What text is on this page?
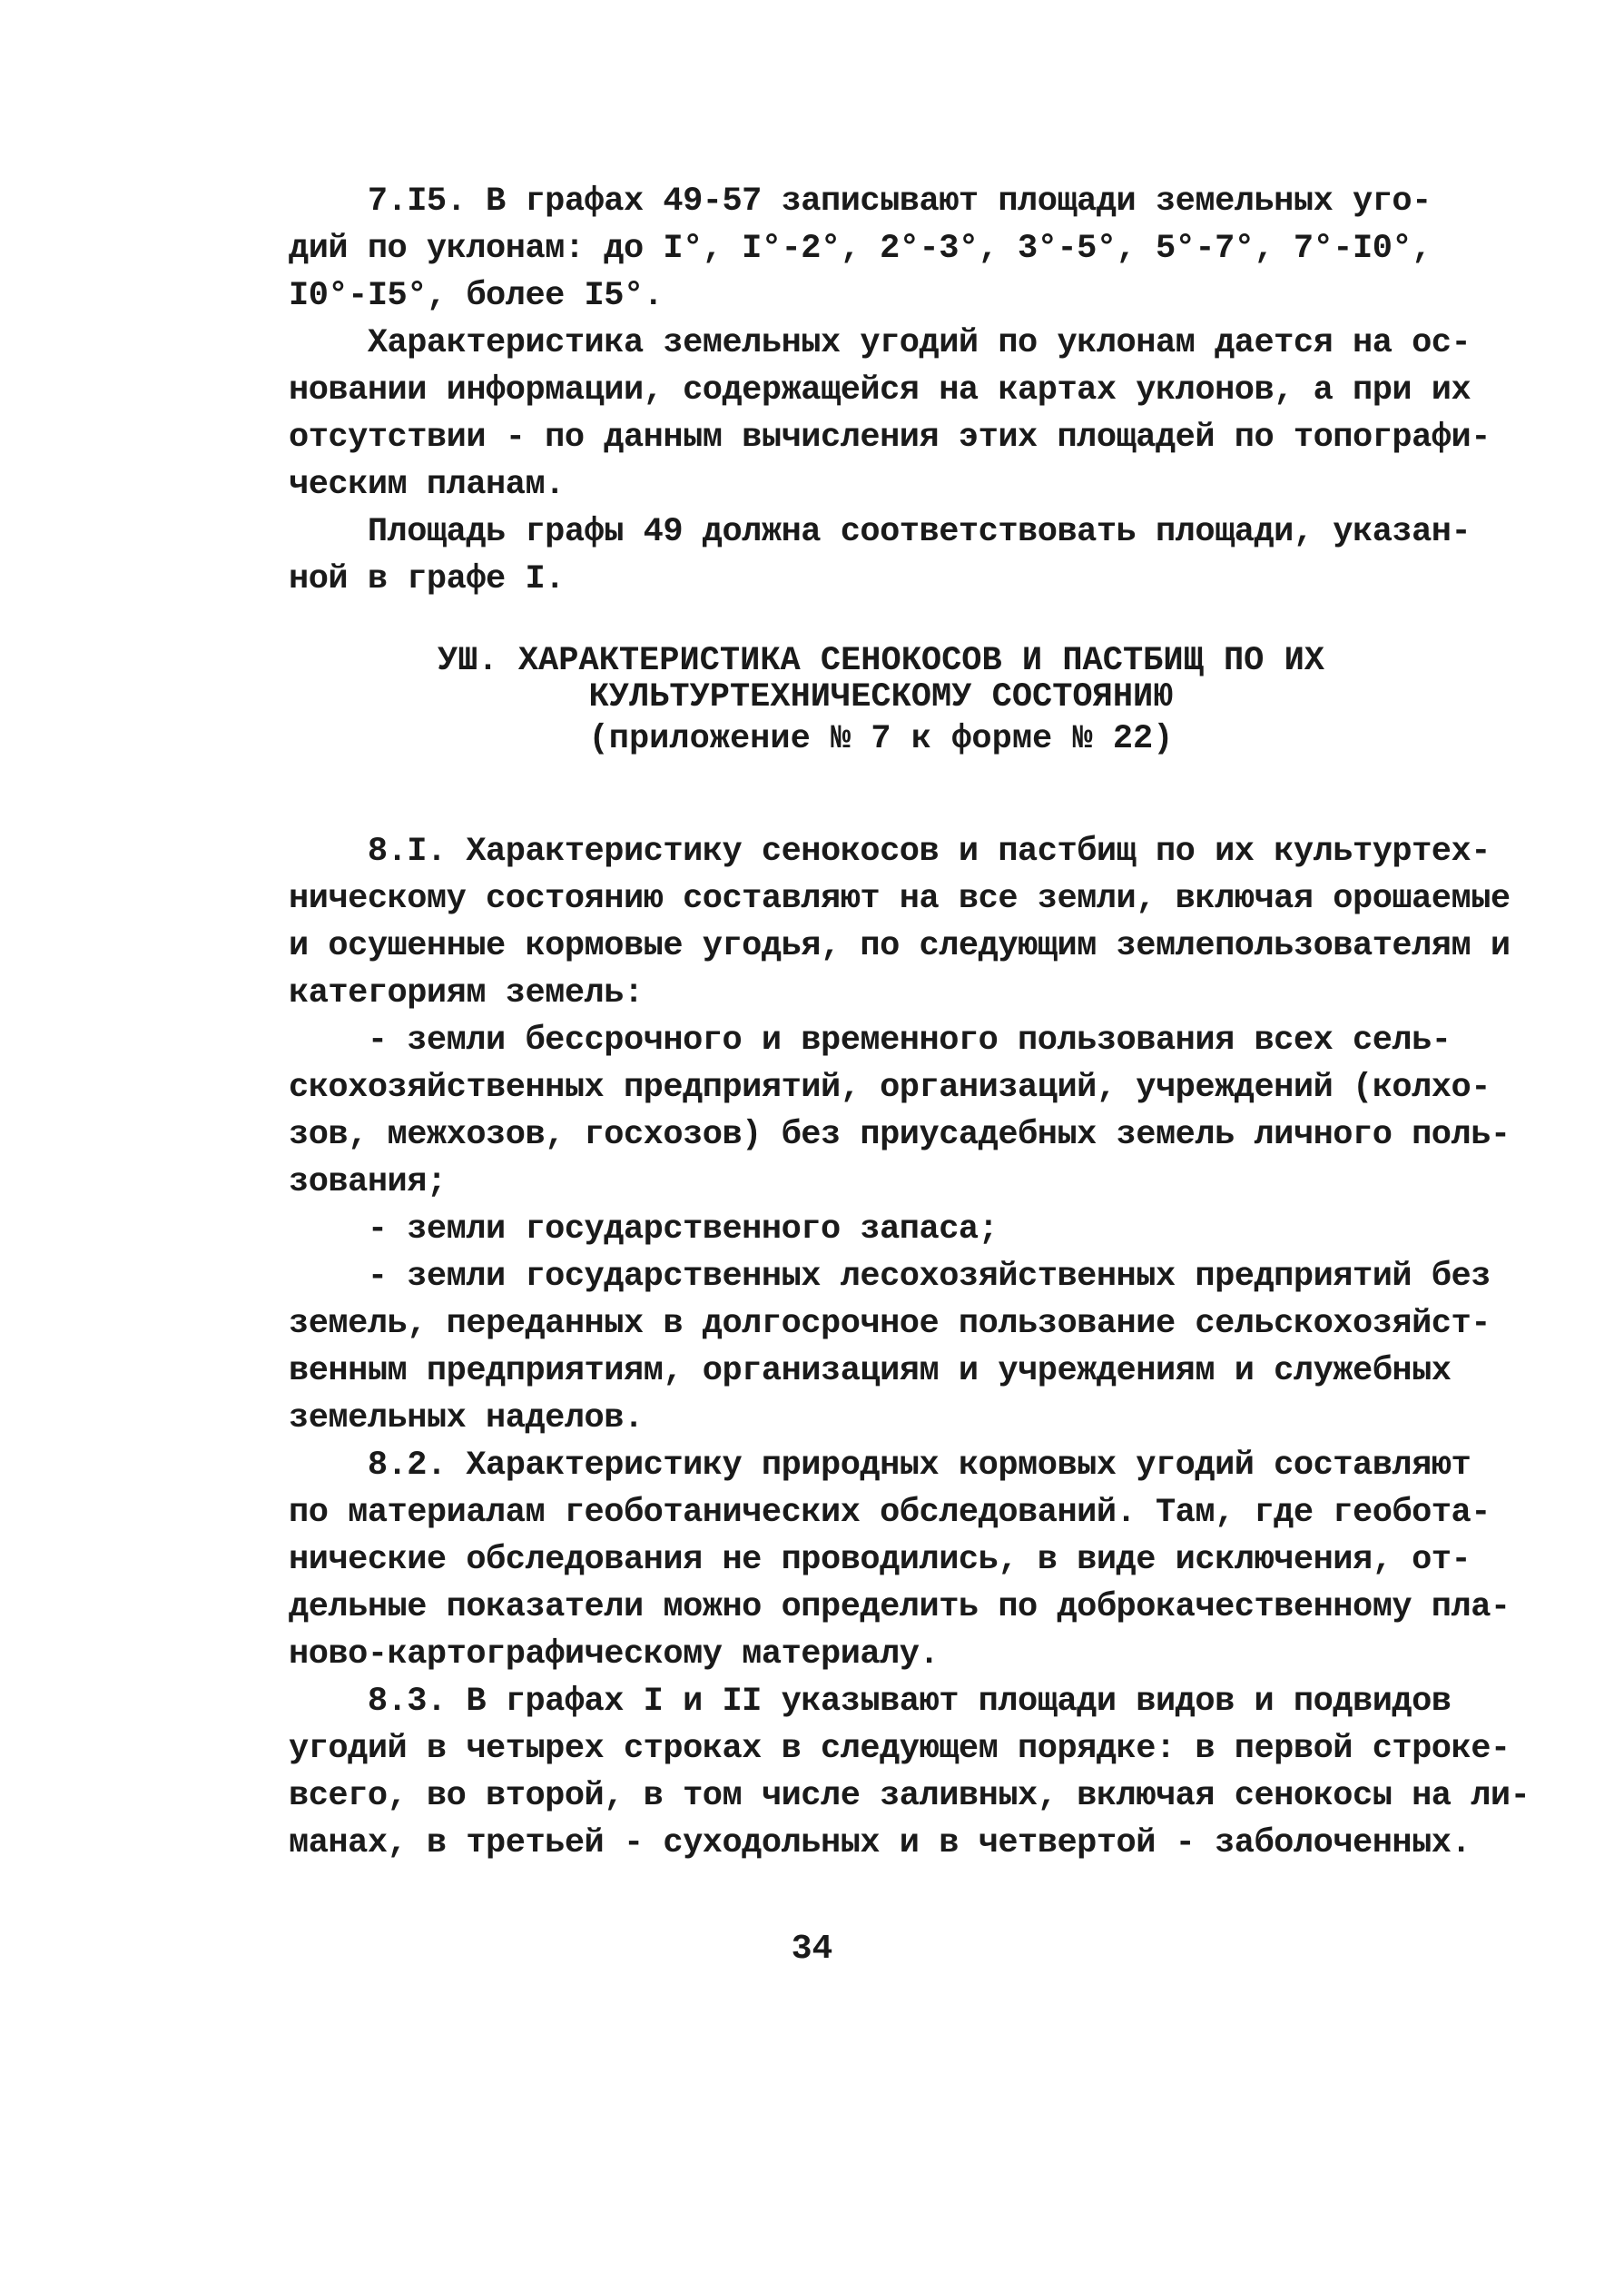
7.I5. В графах 49-57 записывают площади земельных уго-
дий по уклонам: до I°, I°-2°, 2°-3°, 3°-5°, 5°-7°, 7°-I0°,
I0°-I5°, более I5°.
Характеристика земельных угодий по уклонам дается на ос-
новании информации, содержащейся на картах уклонов, а при их
отсутствии - по данным вычисления этих площадей по топографи-
ческим планам.
Площадь графы 49 должна соответствовать площади, указан-
ной в графе I.
УШ. ХАРАКТЕРИСТИКА СЕНОКОСОВ И ПАСТБИЩ ПО ИХ
КУЛЬТУРТЕХНИЧЕСКОМУ СОСТОЯНИЮ
(приложение № 7 к форме № 22)
8.I. Характеристику сенокосов и пастбищ по их культуртех-
ническому состоянию составляют на все земли, включая орошаемые
и осушенные кормовые угодья, по следующим землепользователям и
категориям земель:
- земли бессрочного и временного пользования всех сель-
скохозяйственных предприятий, организаций, учреждений (колхо-
зов, межхозов, госхозов) без приусадебных земель личного поль-
зования;
- земли государственного запаса;
- земли государственных лесохозяйственных предприятий без
земель, переданных в долгосрочное пользование сельскохозяйст-
венным предприятиям, организациям и учреждениям и служебных
земельных наделов.
8.2. Характеристику природных кормовых угодий составляют
по материалам геоботанических обследований. Там, где геобота-
нические обследования не проводились, в виде исключения, от-
дельные показатели можно определить по доброкачественному пла-
ново-картографическому материалу.
8.3. В графах I и II указывают площади видов и подвидов
угодий в четырех строках в следующем порядке: в первой строке-
всего, во второй, в том числе заливных, включая сенокосы на ли-
манах, в третьей - суходольных и в четвертой - заболоченных.
34
